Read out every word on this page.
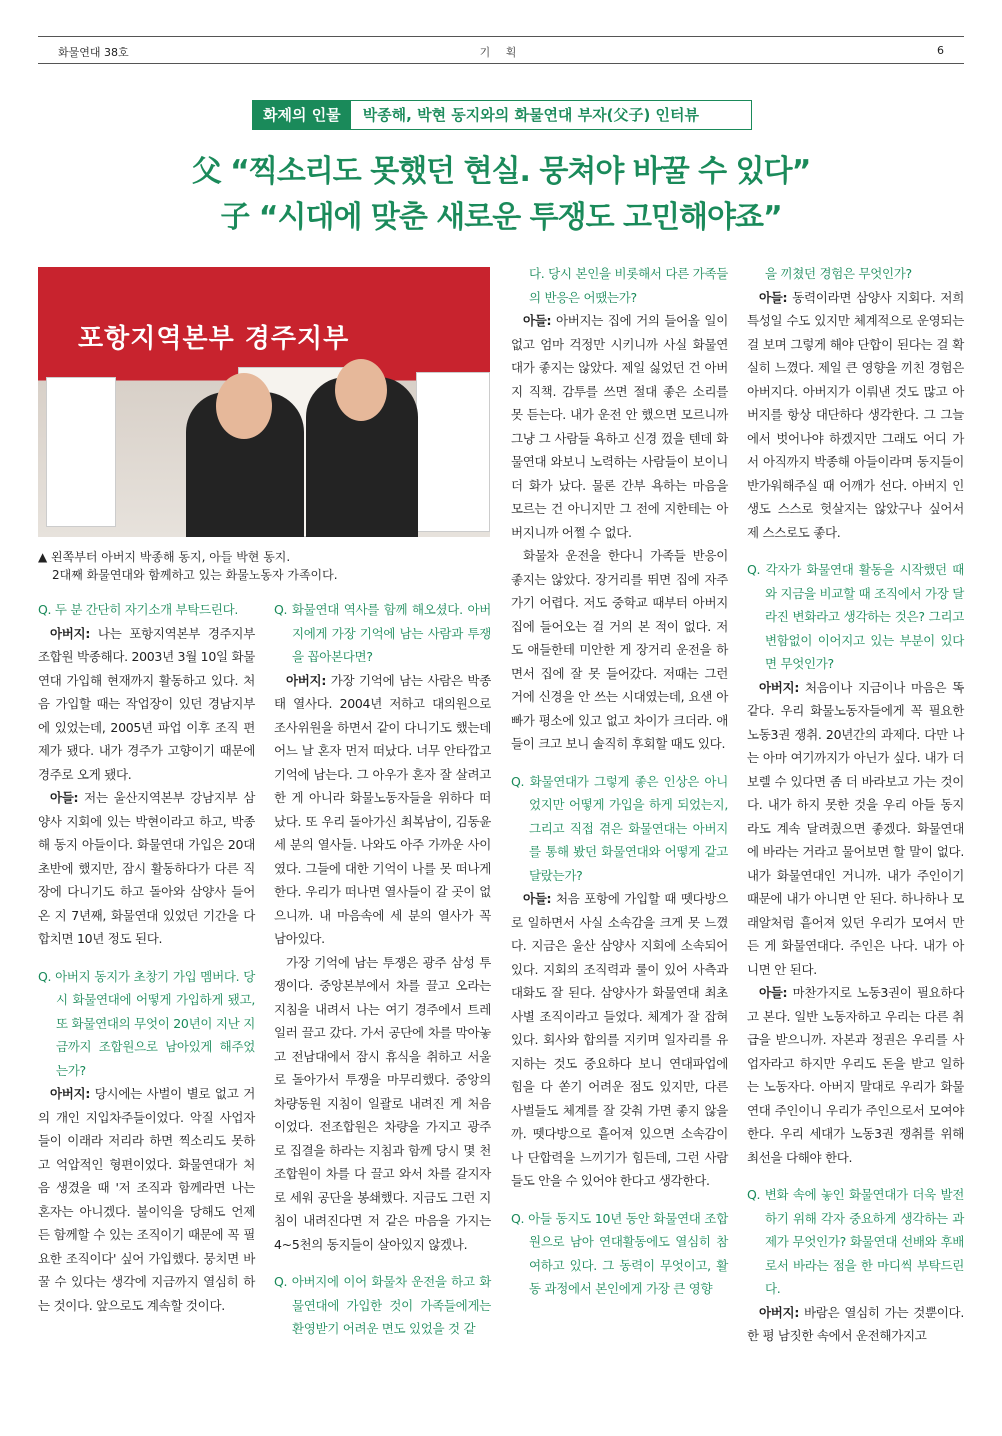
화물연대 38호	기 획	6
화제의 인물	박종해, 박현 동지와의 화물연대 부자(父子) 인터뷰
父 “찍소리도 못했던 현실. 뭉쳐야 바꿀 수 있다”
子 “시대에 맞춘 새로운 투쟁도 고민해야죠”
포항지역본부 경주지부
▲ 왼쪽부터 아버지 박종해 동지, 아들 박현 동지.
2대째 화물연대와 함께하고 있는 화물노동자 가족이다.
Q. 두 분 간단히 자기소개 부탁드린다.
아버지: 나는 포항지역본부 경주지부 조합원 박종해다. 2003년 3월 10일 화물연대 가입해 현재까지 활동하고 있다. 처음 가입할 때는 작업장이 있던 경남지부에 있었는데, 2005년 파업 이후 조직 편제가 됐다. 내가 경주가 고향이기 때문에 경주로 오게 됐다.
아들: 저는 울산지역본부 강남지부 삼양사 지회에 있는 박현이라고 하고, 박종해 동지 아들이다. 화물연대 가입은 20대 초반에 했지만, 잠시 활동하다가 다른 직장에 다니기도 하고 돌아와 삼양사 들어온 지 7년째, 화물연대 있었던 기간을 다 합치면 10년 정도 된다.
Q. 아버지 동지가 초창기 가입 멤버다. 당시 화물연대에 어떻게 가입하게 됐고, 또 화물연대의 무엇이 20년이 지난 지금까지 조합원으로 남아있게 해주었는가?
아버지: 당시에는 사벌이 별로 없고 거의 개인 지입차주들이었다. 악질 사업자들이 이래라 저리라 하면 찍소리도 못하고 억압적인 형편이었다. 화물연대가 처음 생겼을 때 '저 조직과 함께라면 나는 혼자는 아니겠다. 불이익을 당해도 언제든 함께할 수 있는 조직이기 때문에 꼭 필요한 조직이다' 싶어 가입했다. 뭉치면 바꿀 수 있다는 생각에 지금까지 열심히 하는 것이다. 앞으로도 계속할 것이다.
Q. 화물연대 역사를 함께 해오셨다. 아버지에게 가장 기억에 남는 사람과 투쟁을 꼽아본다면?
아버지: 가장 기억에 남는 사람은 박종태 열사다. 2004년 저하고 대의원으로 조사위원을 하면서 같이 다니기도 했는데 어느 날 혼자 먼저 떠났다. 너무 안타깝고 기억에 남는다. 그 아우가 혼자 잘 살려고 한 게 아니라 화물노동자들을 위하다 떠났다. 또 우리 돌아가신 최복남이, 김동윤 세 분의 열사들. 나와도 아주 가까운 사이였다. 그들에 대한 기억이 나를 못 떠나게 한다. 우리가 떠나면 열사들이 갈 곳이 없으니까. 내 마음속에 세 분의 열사가 꼭 남아있다.
가장 기억에 남는 투쟁은 광주 삼성 투쟁이다. 중앙본부에서 차를 끌고 오라는 지침을 내려서 나는 여기 경주에서 트레일러 끌고 갔다. 가서 공단에 차를 막아놓고 전남대에서 잠시 휴식을 취하고 서울로 돌아가서 투쟁을 마무리했다. 중앙의 차량동원 지침이 일괄로 내려진 게 처음이었다. 전조합원은 차량을 가지고 광주로 집결을 하라는 지침과 함께 당시 몇 천 조합원이 차를 다 끌고 와서 차를 갈지자로 세워 공단을 봉쇄했다. 지금도 그런 지침이 내려진다면 저 같은 마음을 가지는 4~5천의 동지들이 살아있지 않겠나.
Q. 아버지에 이어 화물차 운전을 하고 화물연대에 가입한 것이 가족들에게는 환영받기 어려운 면도 있었을 것 같
다. 당시 본인을 비롯해서 다른 가족들의 반응은 어땠는가?
아들: 아버지는 집에 거의 들어올 일이 없고 엄마 걱정만 시키니까 사실 화물연대가 좋지는 않았다. 제일 싫었던 건 아버지 직책. 감투를 쓰면 절대 좋은 소리를 못 듣는다. 내가 운전 안 했으면 모르니까 그냥 그 사람들 욕하고 신경 껐을 텐데 화물연대 와보니 노력하는 사람들이 보이니 더 화가 났다. 물론 간부 욕하는 마음을 모르는 건 아니지만 그 전에 지한테는 아버지니까 어쩔 수 없다.
화물차 운전을 한다니 가족들 반응이 좋지는 않았다. 장거리를 뛰면 집에 자주 가기 어렵다. 저도 중학교 때부터 아버지 집에 들어오는 걸 거의 본 적이 없다. 저도 애들한테 미안한 게 장거리 운전을 하면서 집에 잘 못 들어갔다. 저때는 그런 거에 신경을 안 쓰는 시대였는데, 요샌 아빠가 평소에 있고 없고 차이가 크더라. 애들이 크고 보니 솔직히 후회할 때도 있다.
Q. 화물연대가 그렇게 좋은 인상은 아니었지만 어떻게 가입을 하게 되었는지, 그리고 직접 겪은 화물연대는 아버지를 통해 봤던 화물연대와 어떻게 같고 달랐는가?
아들: 처음 포항에 가입할 때 뗏다방으로 일하면서 사실 소속감을 크게 못 느꼈다. 지금은 울산 삼양사 지회에 소속되어 있다. 지회의 조직력과 룰이 있어 사측과 대화도 잘 된다. 삼양사가 화물연대 최초 사별 조직이라고 들었다. 체계가 잘 잡혀 있다. 회사와 합의를 지키며 일자리를 유지하는 것도 중요하다 보니 연대파업에 힘을 다 쏟기 어려운 점도 있지만, 다른 사벌들도 체계를 잘 갖춰 가면 좋지 않을까. 뗏다방으로 흩어져 있으면 소속감이나 단합력을 느끼기가 힘든데, 그런 사람들도 안을 수 있어야 한다고 생각한다.
Q. 아들 동지도 10년 동안 화물연대 조합원으로 남아 연대활동에도 열심히 참여하고 있다. 그 동력이 무엇이고, 활동 과정에서 본인에게 가장 큰 영향
을 끼쳤던 경험은 무엇인가?
아들: 동력이라면 삼양사 지회다. 저희 특성일 수도 있지만 체계적으로 운영되는 걸 보며 그렇게 해야 단합이 된다는 걸 확실히 느꼈다. 제일 큰 영향을 끼친 경험은 아버지다. 아버지가 이뤄낸 것도 많고 아버지를 항상 대단하다 생각한다. 그 그늘에서 벗어나야 하겠지만 그래도 어디 가서 아직까지 박종해 아들이라며 동지들이 반가워해주실 때 어깨가 선다. 아버지 인생도 스스로 헛살지는 않았구나 싶어서 제 스스로도 좋다.
Q. 각자가 화물연대 활동을 시작했던 때와 지금을 비교할 때 조직에서 가장 달라진 변화라고 생각하는 것은? 그리고 변함없이 이어지고 있는 부분이 있다면 무엇인가?
아버지: 처음이나 지금이나 마음은 똑같다. 우리 화물노동자들에게 꼭 필요한 노동3권 쟁취. 20년간의 과제다. 다만 나는 아마 여기까지가 아닌가 싶다. 내가 더 보렐 수 있다면 좀 더 바라보고 가는 것이다. 내가 하지 못한 것을 우리 아들 동지라도 계속 달려줬으면 좋겠다. 화물연대에 바라는 거라고 물어보면 할 말이 없다. 내가 화물연대인 거니까. 내가 주인이기 때문에 내가 아니면 안 된다. 하나하나 모래알처럼 흩어져 있던 우리가 모여서 만든 게 화물연대다. 주인은 나다. 내가 아니면 안 된다.
아들: 마찬가지로 노동3권이 필요하다고 본다. 일반 노동자하고 우리는 다른 취급을 받으니까. 자본과 정권은 우리를 사업자라고 하지만 우리도 돈을 받고 일하는 노동자다. 아버지 말대로 우리가 화물연대 주인이니 우리가 주인으로서 모여야 한다. 우리 세대가 노동3권 쟁취를 위해 최선을 다해야 한다.
Q. 변화 속에 놓인 화물연대가 더욱 발전하기 위해 각자 중요하게 생각하는 과제가 무엇인가? 화물연대 선배와 후배로서 바라는 점을 한 마디씩 부탁드린다.
아버지: 바람은 열심히 가는 것뿐이다. 한 평 남짓한 속에서 운전해가지고
